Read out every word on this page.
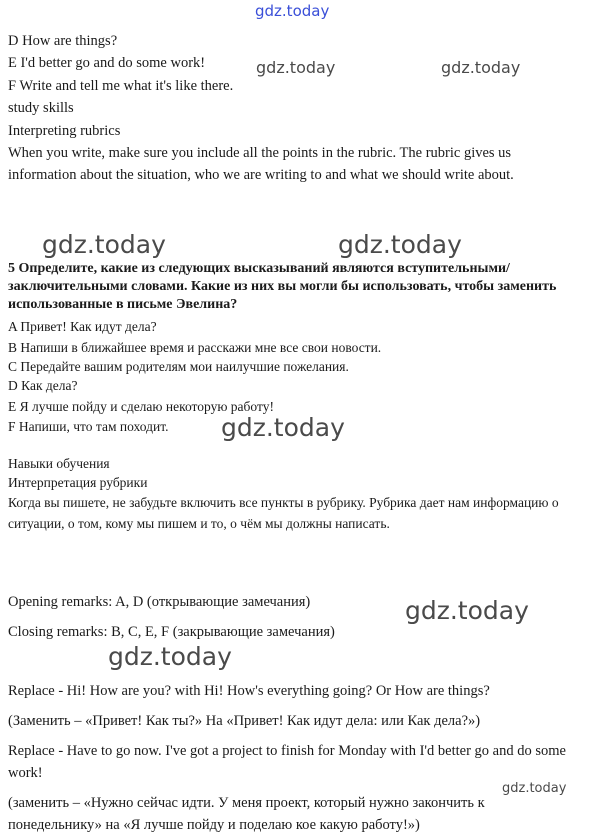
gdz.today
gdz.today	gdz.today
gdz.today	gdz.today
gdz.today
gdz.today
gdz.today
gdz.today
D How are things?
E I'd better go and do some work!
F Write and tell me what it's like there.
study skills
Interpreting rubrics
When you write, make sure you include all the points in the rubric. The rubric gives us information about the situation, who we are writing to and what we should write about.
5 Определите, какие из следующих высказываний являются вступительными/заключительными словами. Какие из них вы могли бы использовать, чтобы заменить использованные в письме Эвелина?
A Привет! Как идут дела?
B Напиши в ближайшее время и расскажи мне все свои новости.
C Передайте вашим родителям мои наилучшие пожелания.
D Как дела?
E Я лучше пойду и сделаю некоторую работу!
F Напиши, что там походит.
Навыки обучения
Интерпретация рубрики
Когда вы пишете, не забудьте включить все пункты в рубрику. Рубрика дает нам информацию о ситуации, о том, кому мы пишем и то, о чём мы должны написать.
Opening remarks: A, D (открывающие замечания)
Closing remarks: B, C, E, F (закрывающие замечания)
Replace - Hi! How are you? with Hi! How's everything going? Or How are things?
(Заменить – «Привет! Как ты?» На «Привет! Как идут дела: или Как дела?»)
Replace - Have to go now. I've got a project to finish for Monday with I'd better go and do some work!
(заменить – «Нужно сейчас идти. У меня проект, который нужно закончить к понедельнику» на «Я лучше пойду и поделаю кое какую работу!»)
